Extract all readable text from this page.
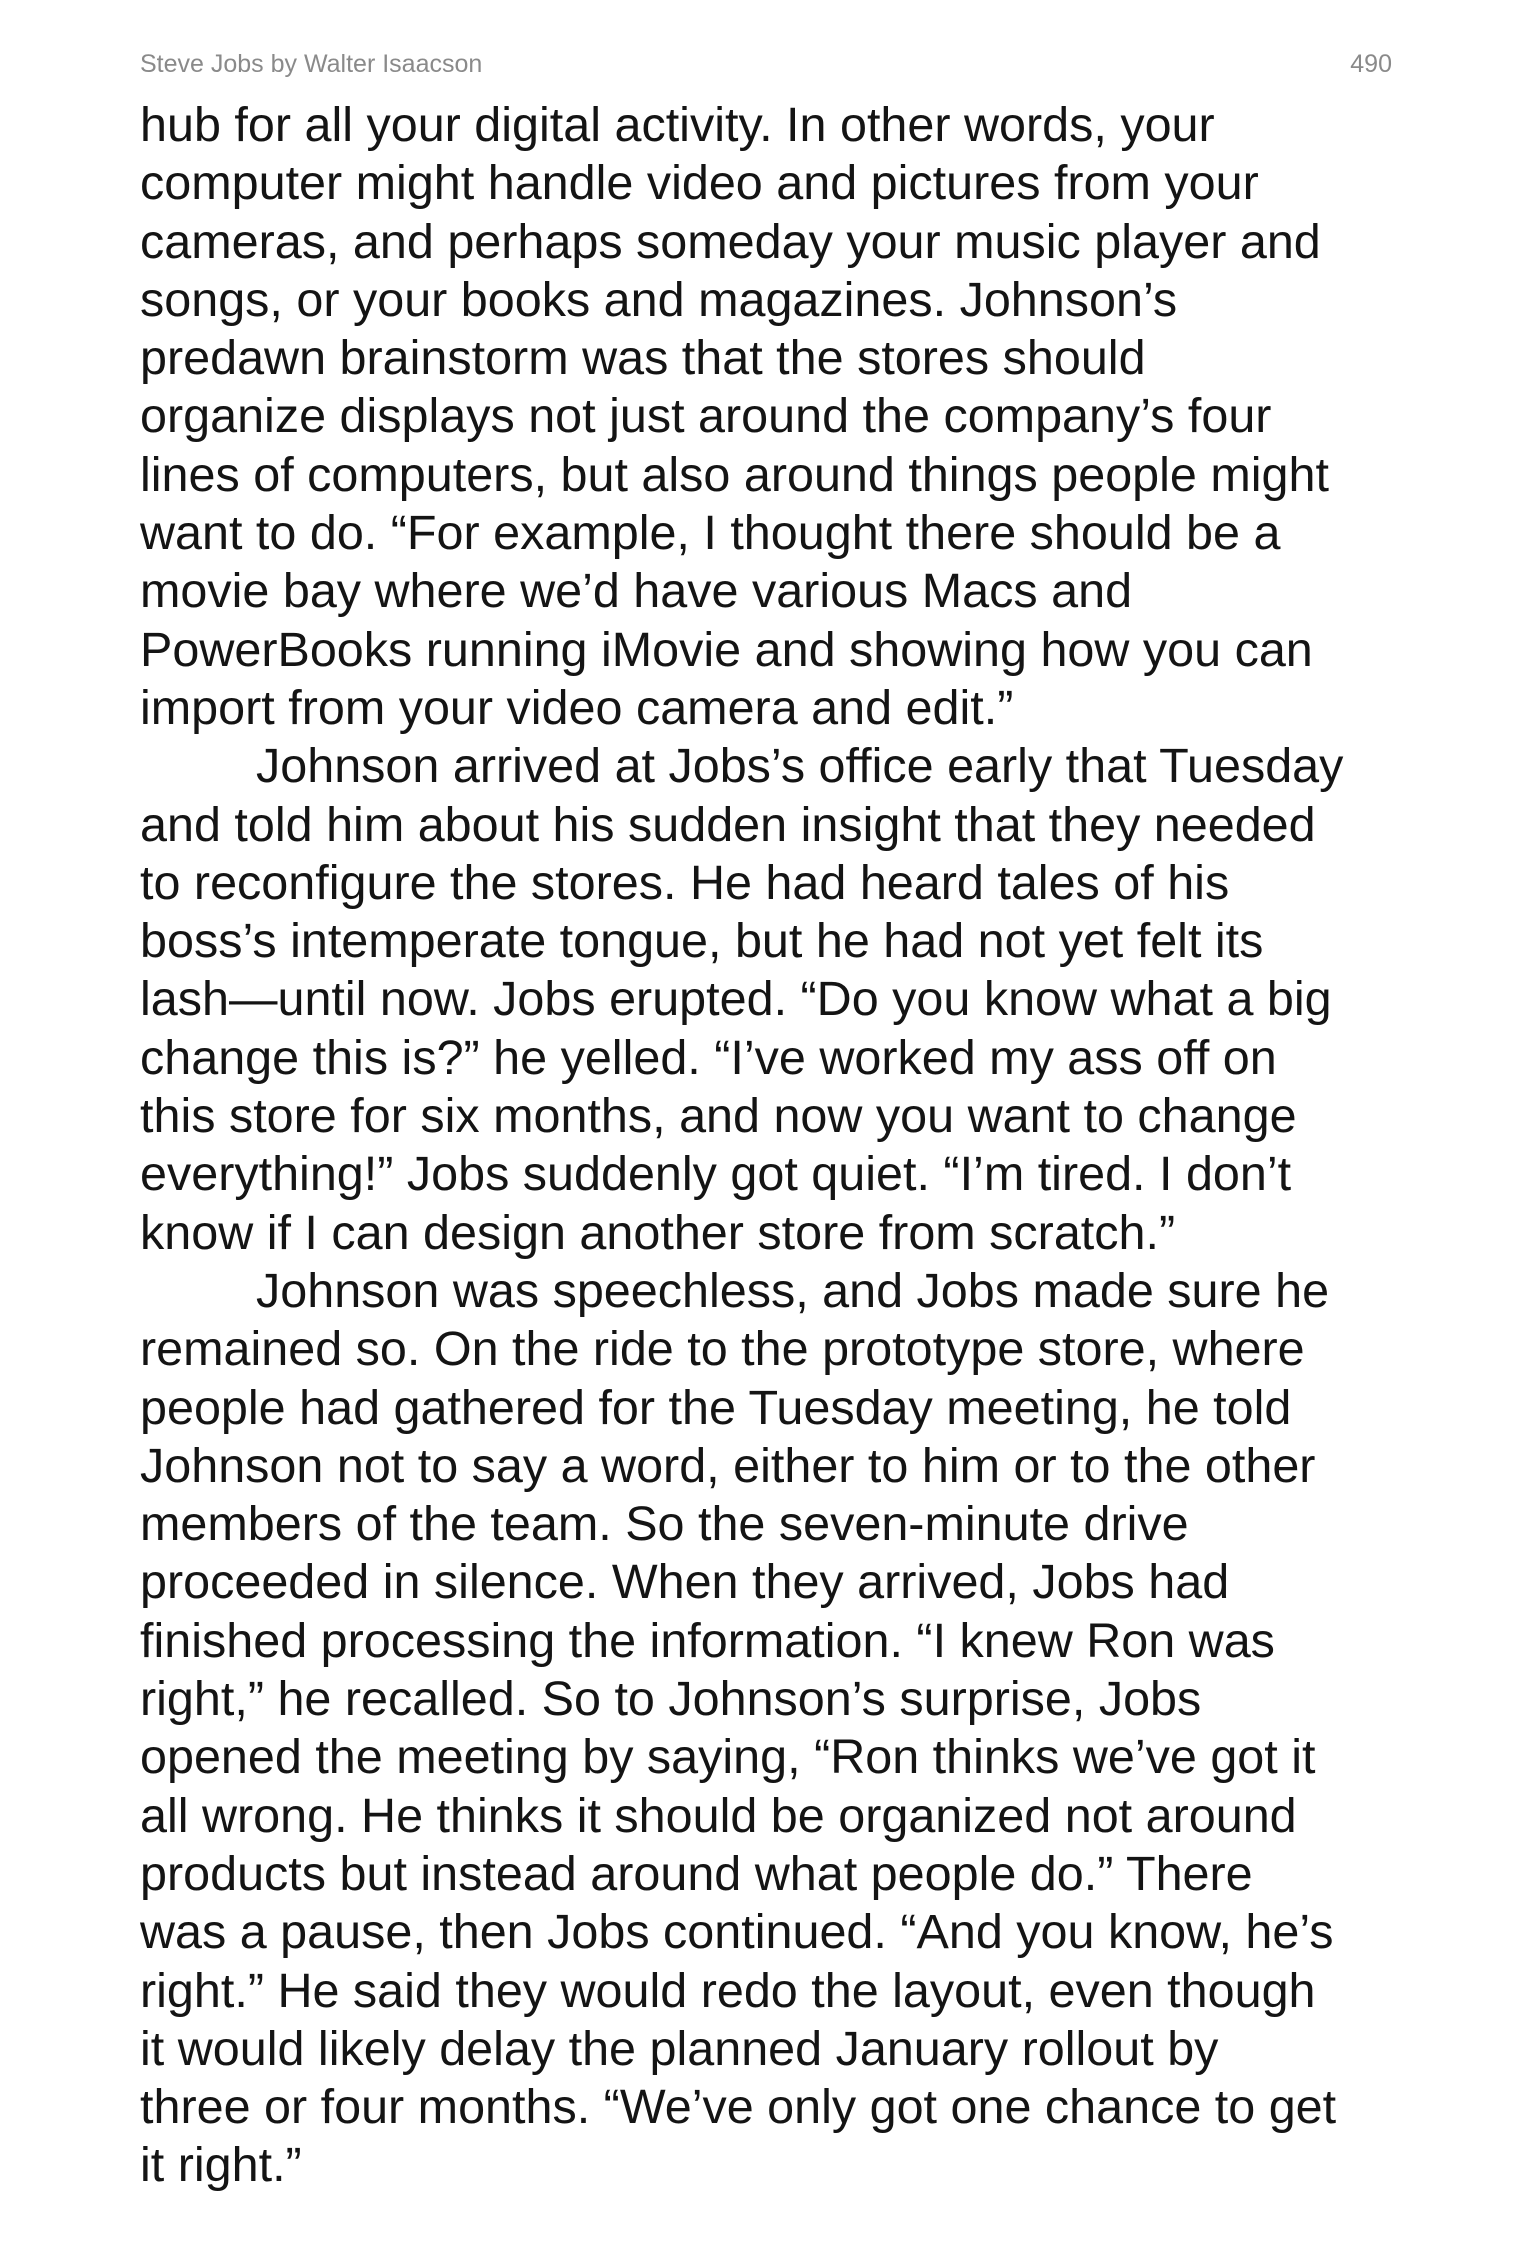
Steve Jobs by Walter Isaacson	490

hub for all your digital activity. In other words, your
computer might handle video and pictures from your
cameras, and perhaps someday your music player and
songs, or your books and magazines. Johnson’s
predawn brainstorm was that the stores should
organize displays not just around the company’s four
lines of computers, but also around things people might
want to do. “For example, I thought there should be a
movie bay where we’d have various Macs and
PowerBooks running iMovie and showing how you can
import from your video camera and edit.”

Johnson arrived at Jobs’s office early that Tuesday
and told him about his sudden insight that they needed
to reconfigure the stores. He had heard tales of his
boss’s intemperate tongue, but he had not yet felt its
lash—until now. Jobs erupted. “Do you know what a big
change this is?” he yelled. “I’ve worked my ass off on
this store for six months, and now you want to change
everything!” Jobs suddenly got quiet. “I’m tired. I don’t
know if I can design another store from scratch.”

Johnson was speechless, and Jobs made sure he
remained so. On the ride to the prototype store, where
people had gathered for the Tuesday meeting, he told
Johnson not to say a word, either to him or to the other
members of the team. So the seven-minute drive
proceeded in silence. When they arrived, Jobs had
finished processing the information. “I knew Ron was
right,” he recalled. So to Johnson’s surprise, Jobs
opened the meeting by saying, “Ron thinks we’ve got it
all wrong. He thinks it should be organized not around
products but instead around what people do.” There
was a pause, then Jobs continued. “And you know, he’s
right.” He said they would redo the layout, even though
it would likely delay the planned January rollout by
three or four months. “We’ve only got one chance to get
it right.”
